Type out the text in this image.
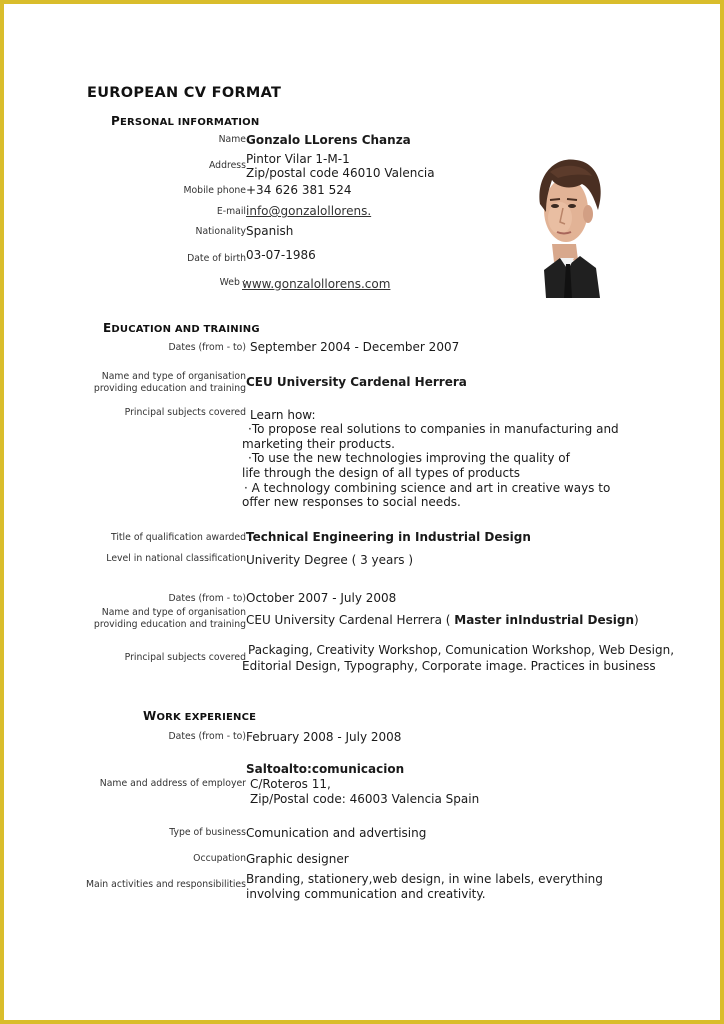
EUROPEAN CV FORMAT
PERSONAL INFORMATION
Name Gonzalo LLorens Chanza
Address Pintor Vilar 1-M-1
Zip/postal code 46010 Valencia
Mobile phone +34 626 381 524
E-mail info@gonzalollorens.
Nationality Spanish
Date of birth 03-07-1986
Web :
www.gonzalollorens.com
EDUCATION AND TRAINING
Dates (from - to) September 2004 - December 2007
Name and type of organisation
providing education and training CEU University Cardenal Herrera
Principal subjects covered Learn how:
·To propose real solutions to companies in manufacturing and
marketing their products.
·To use the new technologies improving the quality of
life through the design of all types of products
· A technology combining science and art in creative ways to
offer new responses to social needs.
Title of qualification awarded Technical Engineering in Industrial Design
Level in national classification Univerity Degree ( 3 years )
Dates (from - to) October 2007 - July 2008
Name and type of organisation
providing education and training CEU University Cardenal Herrera ( Master inIndustrial Design)
Principal subjects covered
Packaging, Creativity Workshop, Comunication Workshop, Web Design,
Editorial Design, Typography, Corporate image. Practices in business
WORK EXPERIENCE
Dates (from - to) February 2008 - July 2008
Name and address of employer
Saltoalto:comunicacion
C/Roteros 11,
Zip/Postal code: 46003 Valencia Spain
Type of business Comunication and advertising
Occupation Graphic designer
Main activities and responsibilities Branding, stationery,web design, in wine labels, everything
involving communication and creativity.
